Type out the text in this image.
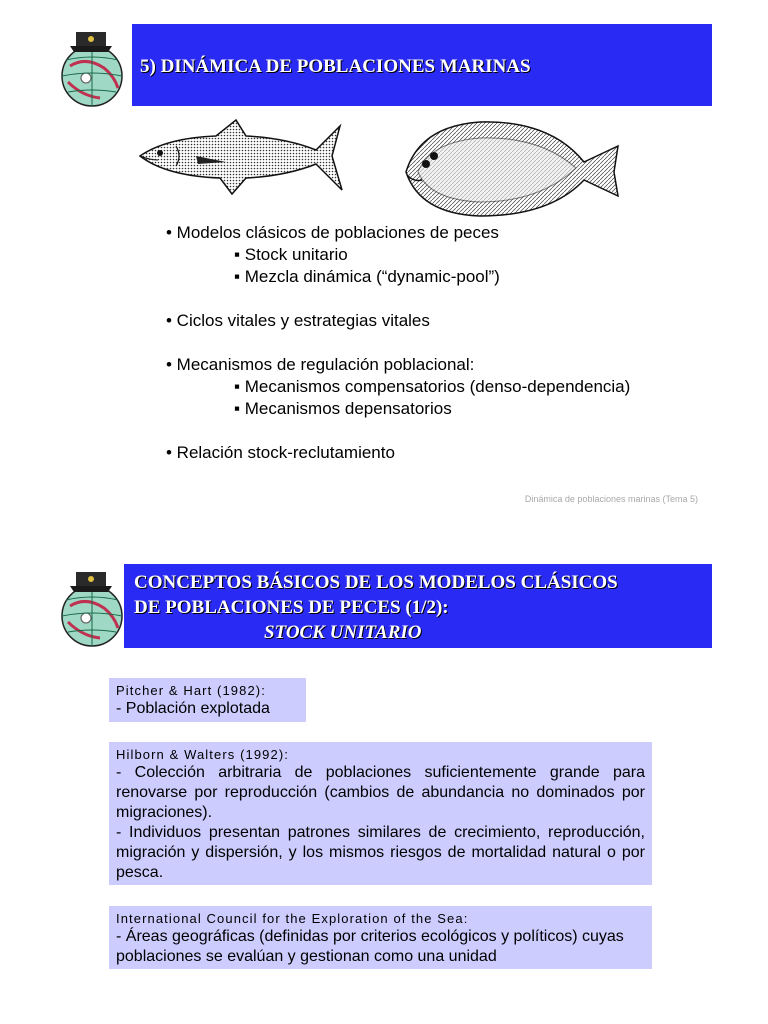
5) DINÁMICA DE POBLACIONES MARINAS
• Modelos clásicos de poblaciones de peces
▪ Stock unitario
▪ Mezcla dinámica (“dynamic-pool”)
• Ciclos vitales y estrategias vitales
• Mecanismos de regulación poblacional:
▪ Mecanismos compensatorios (denso-dependencia)
▪ Mecanismos depensatorios
• Relación stock-reclutamiento
Dinámica de poblaciones marinas (Tema 5)
CONCEPTOS BÁSICOS DE LOS MODELOS CLÁSICOS
DE POBLACIONES DE PECES (1/2):
STOCK UNITARIO
Pitcher & Hart (1982):
- Población explotada
Hilborn & Walters (1992):
- Colección arbitraria de poblaciones suficientemente grande para renovarse por reproducción (cambios de abundancia no dominados por migraciones).
- Individuos presentan patrones similares de crecimiento, reproducción, migración y dispersión, y los mismos riesgos de mortalidad natural o por pesca.
International Council for the Exploration of the Sea:
- Áreas geográficas (definidas por criterios ecológicos y políticos) cuyas poblaciones se evalúan y gestionan como una unidad
